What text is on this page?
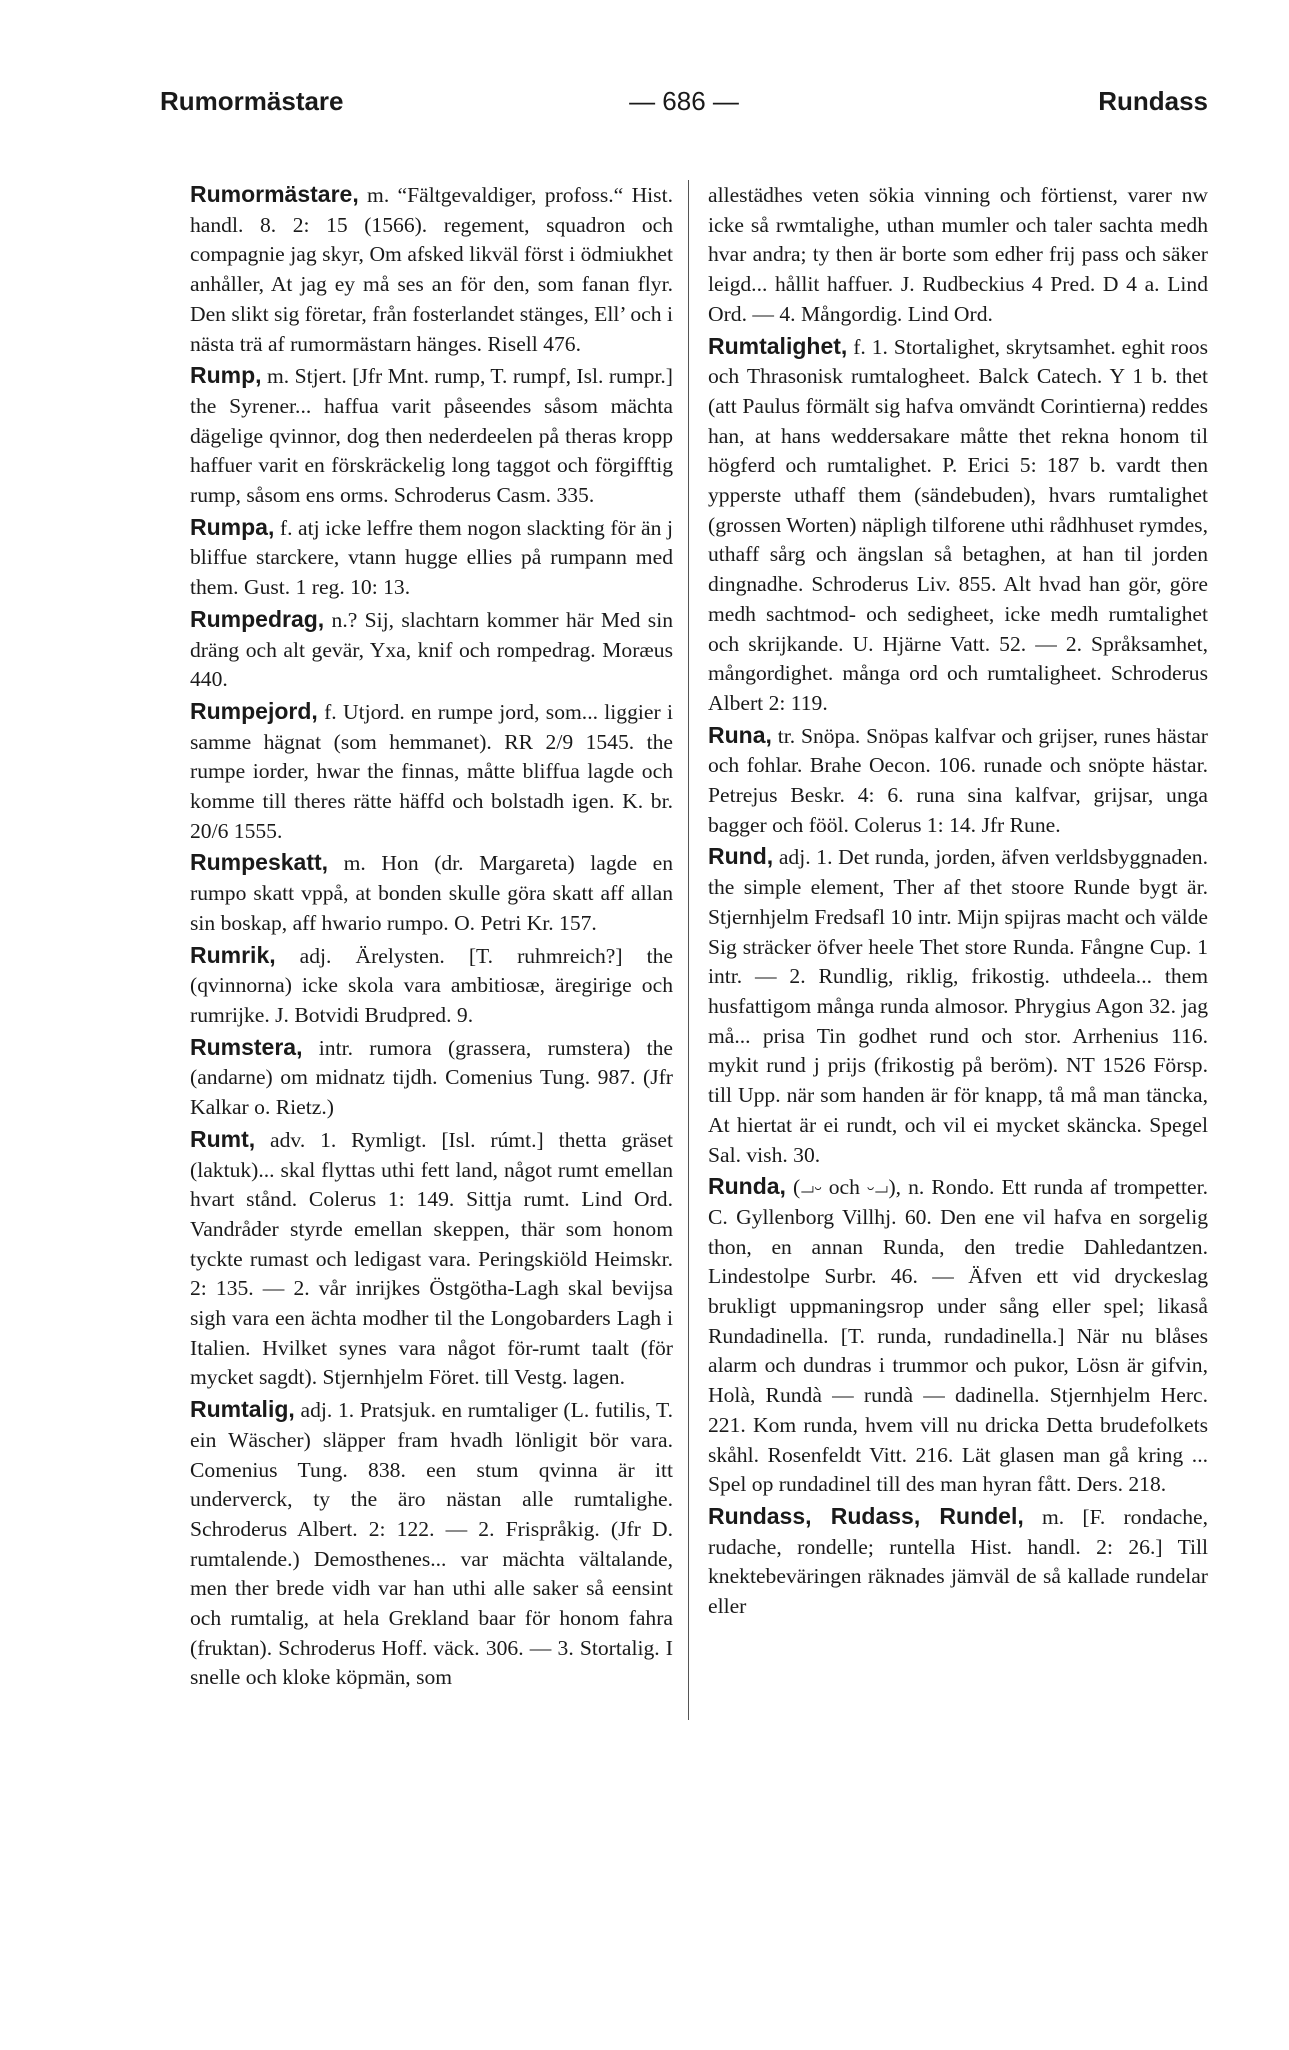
Rumormästare	— 686 —	Rundass

Rumormästare, m. “Fältgevaldiger, profoss.“ Hist. handl. 8. 2: 15 (1566). regement, squadron och compagnie jag skyr, Om afsked likväl först i ödmiukhet anhåller, At jag ey må ses an för den, som fanan flyr. Den slikt sig företar, från fosterlandet stänges, Ell’ och i nästa trä af rumormästarn hänges. Risell 476.

Rump, m. Stjert. [Jfr Mnt. rump, T. rumpf, Isl. rumpr.] the Syrener... haffua varit påseendes såsom mächta dägelige qvinnor, dog then nederdeelen på theras kropp haffuer varit en förskräckelig long taggot och förgifftig rump, såsom ens orms. Schroderus Casm. 335.

Rumpa, f. atj icke leffre them nogon slackting för än j bliffue starckere, vtann hugge ellies på rumpann med them. Gust. 1 reg. 10: 13.

Rumpedrag, n.? Sij, slachtarn kommer här Med sin dräng och alt gevär, Yxa, knif och rompedrag. Moræus 440.

Rumpejord, f. Utjord. en rumpe jord, som... liggier i samme hägnat (som hemmanet). RR 2/9 1545. the rumpe iorder, hwar the finnas, måtte bliffua lagde och komme till theres rätte häffd och bolstadh igen. K. br. 20/6 1555.

Rumpeskatt, m. Hon (dr. Margareta) lagde en rumpo skatt vppå, at bonden skulle göra skatt aff allan sin boskap, aff hwario rumpo. O. Petri Kr. 157.

Rumrik, adj. Ärelysten. [T. ruhmreich?] the (qvinnorna) icke skola vara ambitiosæ, äregirige och rumrijke. J. Botvidi Brudpred. 9.

Rumstera, intr. rumora (grassera, rumstera) the (andarne) om midnatz tijdh. Comenius Tung. 987. (Jfr Kalkar o. Rietz.)

Rumt, adv. 1. Rymligt. [Isl. rúmt.] thetta gräset (laktuk)... skal flyttas uthi fett land, något rumt emellan hvart stånd. Colerus 1: 149. Sittja rumt. Lind Ord. Vandråder styrde emellan skeppen, thär som honom tyckte rumast och ledigast vara. Peringskiöld Heimskr. 2: 135. — 2. vår inrijkes Östgötha-Lagh skal bevijsa sigh vara een ächta modher til the Longobarders Lagh i Italien. Hvilket synes vara något för-rumt taalt (för mycket sagdt). Stjernhjelm Föret. till Vestg. lagen.

Rumtalig, adj. 1. Pratsjuk. en rumtaliger (L. futilis, T. ein Wäscher) släpper fram hvadh lönligit bör vara. Comenius Tung. 838. een stum qvinna är itt underverck, ty the äro nästan alle rumtalighe. Schroderus Albert. 2: 122. — 2. Frispråkig. (Jfr D. rumtalende.) Demosthenes... var mächta vältalande, men ther brede vidh var han uthi alle saker så eensint och rumtalig, at hela Grekland baar för honom fahra (fruktan). Schroderus Hoff. väck. 306. — 3. Stortalig. I snelle och kloke köpmän, som

allestädhes veten sökia vinning och förtienst, varer nw icke så rwmtalighe, uthan mumler och taler sachta medh hvar andra; ty then är borte som edher frij pass och säker leigd... hållit haffuer. J. Rudbeckius 4 Pred. D 4 a. Lind Ord. — 4. Mångordig. Lind Ord.

Rumtalighet, f. 1. Stortalighet, skrytsamhet. eghit roos och Thrasonisk rumtalogheet. Balck Catech. Y 1 b. thet (att Paulus förmält sig hafva omvändt Corintierna) reddes han, at hans weddersakare måtte thet rekna honom til högferd och rumtalighet. P. Erici 5: 187 b. vardt then ypperste uthaff them (sändebuden), hvars rumtalighet (grossen Worten) näpligh tilforene uthi rådhhuset rymdes, uthaff sårg och ängslan så betaghen, at han til jorden dingnadhe. Schroderus Liv. 855. Alt hvad han gör, göre medh sachtmod- och sedigheet, icke medh rumtalighet och skrijkande. U. Hjärne Vatt. 52. — 2. Språksamhet, mångordighet. många ord och rumtaligheet. Schroderus Albert 2: 119.

Runa, tr. Snöpa. Snöpas kalfvar och grijser, runes hästar och fohlar. Brahe Oecon. 106. runade och snöpte hästar. Petrejus Beskr. 4: 6. runa sina kalfvar, grijsar, unga bagger och fööl. Colerus 1: 14. Jfr Rune.

Rund, adj. 1. Det runda, jorden, äfven verldsbyggnaden. the simple element, Ther af thet stoore Runde bygt är. Stjernhjelm Fredsafl 10 intr. Mijn spijras macht och välde Sig sträcker öfver heele Thet store Runda. Fångne Cup. 1 intr. — 2. Rundlig, riklig, frikostig. uthdeela... them husfattigom många runda almosor. Phrygius Agon 32. jag må... prisa Tin godhet rund och stor. Arrhenius 116. mykit rund j prijs (frikostig på beröm). NT 1526 Försp. till Upp. när som handen är för knapp, tå må man täncka, At hiertat är ei rundt, och vil ei mycket skäncka. Spegel Sal. vish. 30.

Runda, (⏗⏑ och ⏑⏗), n. Rondo. Ett runda af trompetter. C. Gyllenborg Villhj. 60. Den ene vil hafva en sorgelig thon, en annan Runda, den tredie Dahledantzen. Lindestolpe Surbr. 46. — Äfven ett vid dryckeslag brukligt uppmaningsrop under sång eller spel; likaså Rundadinella. [T. runda, rundadinella.] När nu blåses alarm och dundras i trummor och pukor, Lösn är gifvin, Holà, Rundà — rundà — dadinella. Stjernhjelm Herc. 221. Kom runda, hvem vill nu dricka Detta brudefolkets skåhl. Rosenfeldt Vitt. 216. Lät glasen man gå kring ... Spel op rundadinel till des man hyran fått. Ders. 218.

Rundass, Rudass, Rundel, m. [F. rondache, rudache, rondelle; runtella Hist. handl. 2: 26.] Till knektebeväringen räknades jämväl de så kallade rundelar eller
